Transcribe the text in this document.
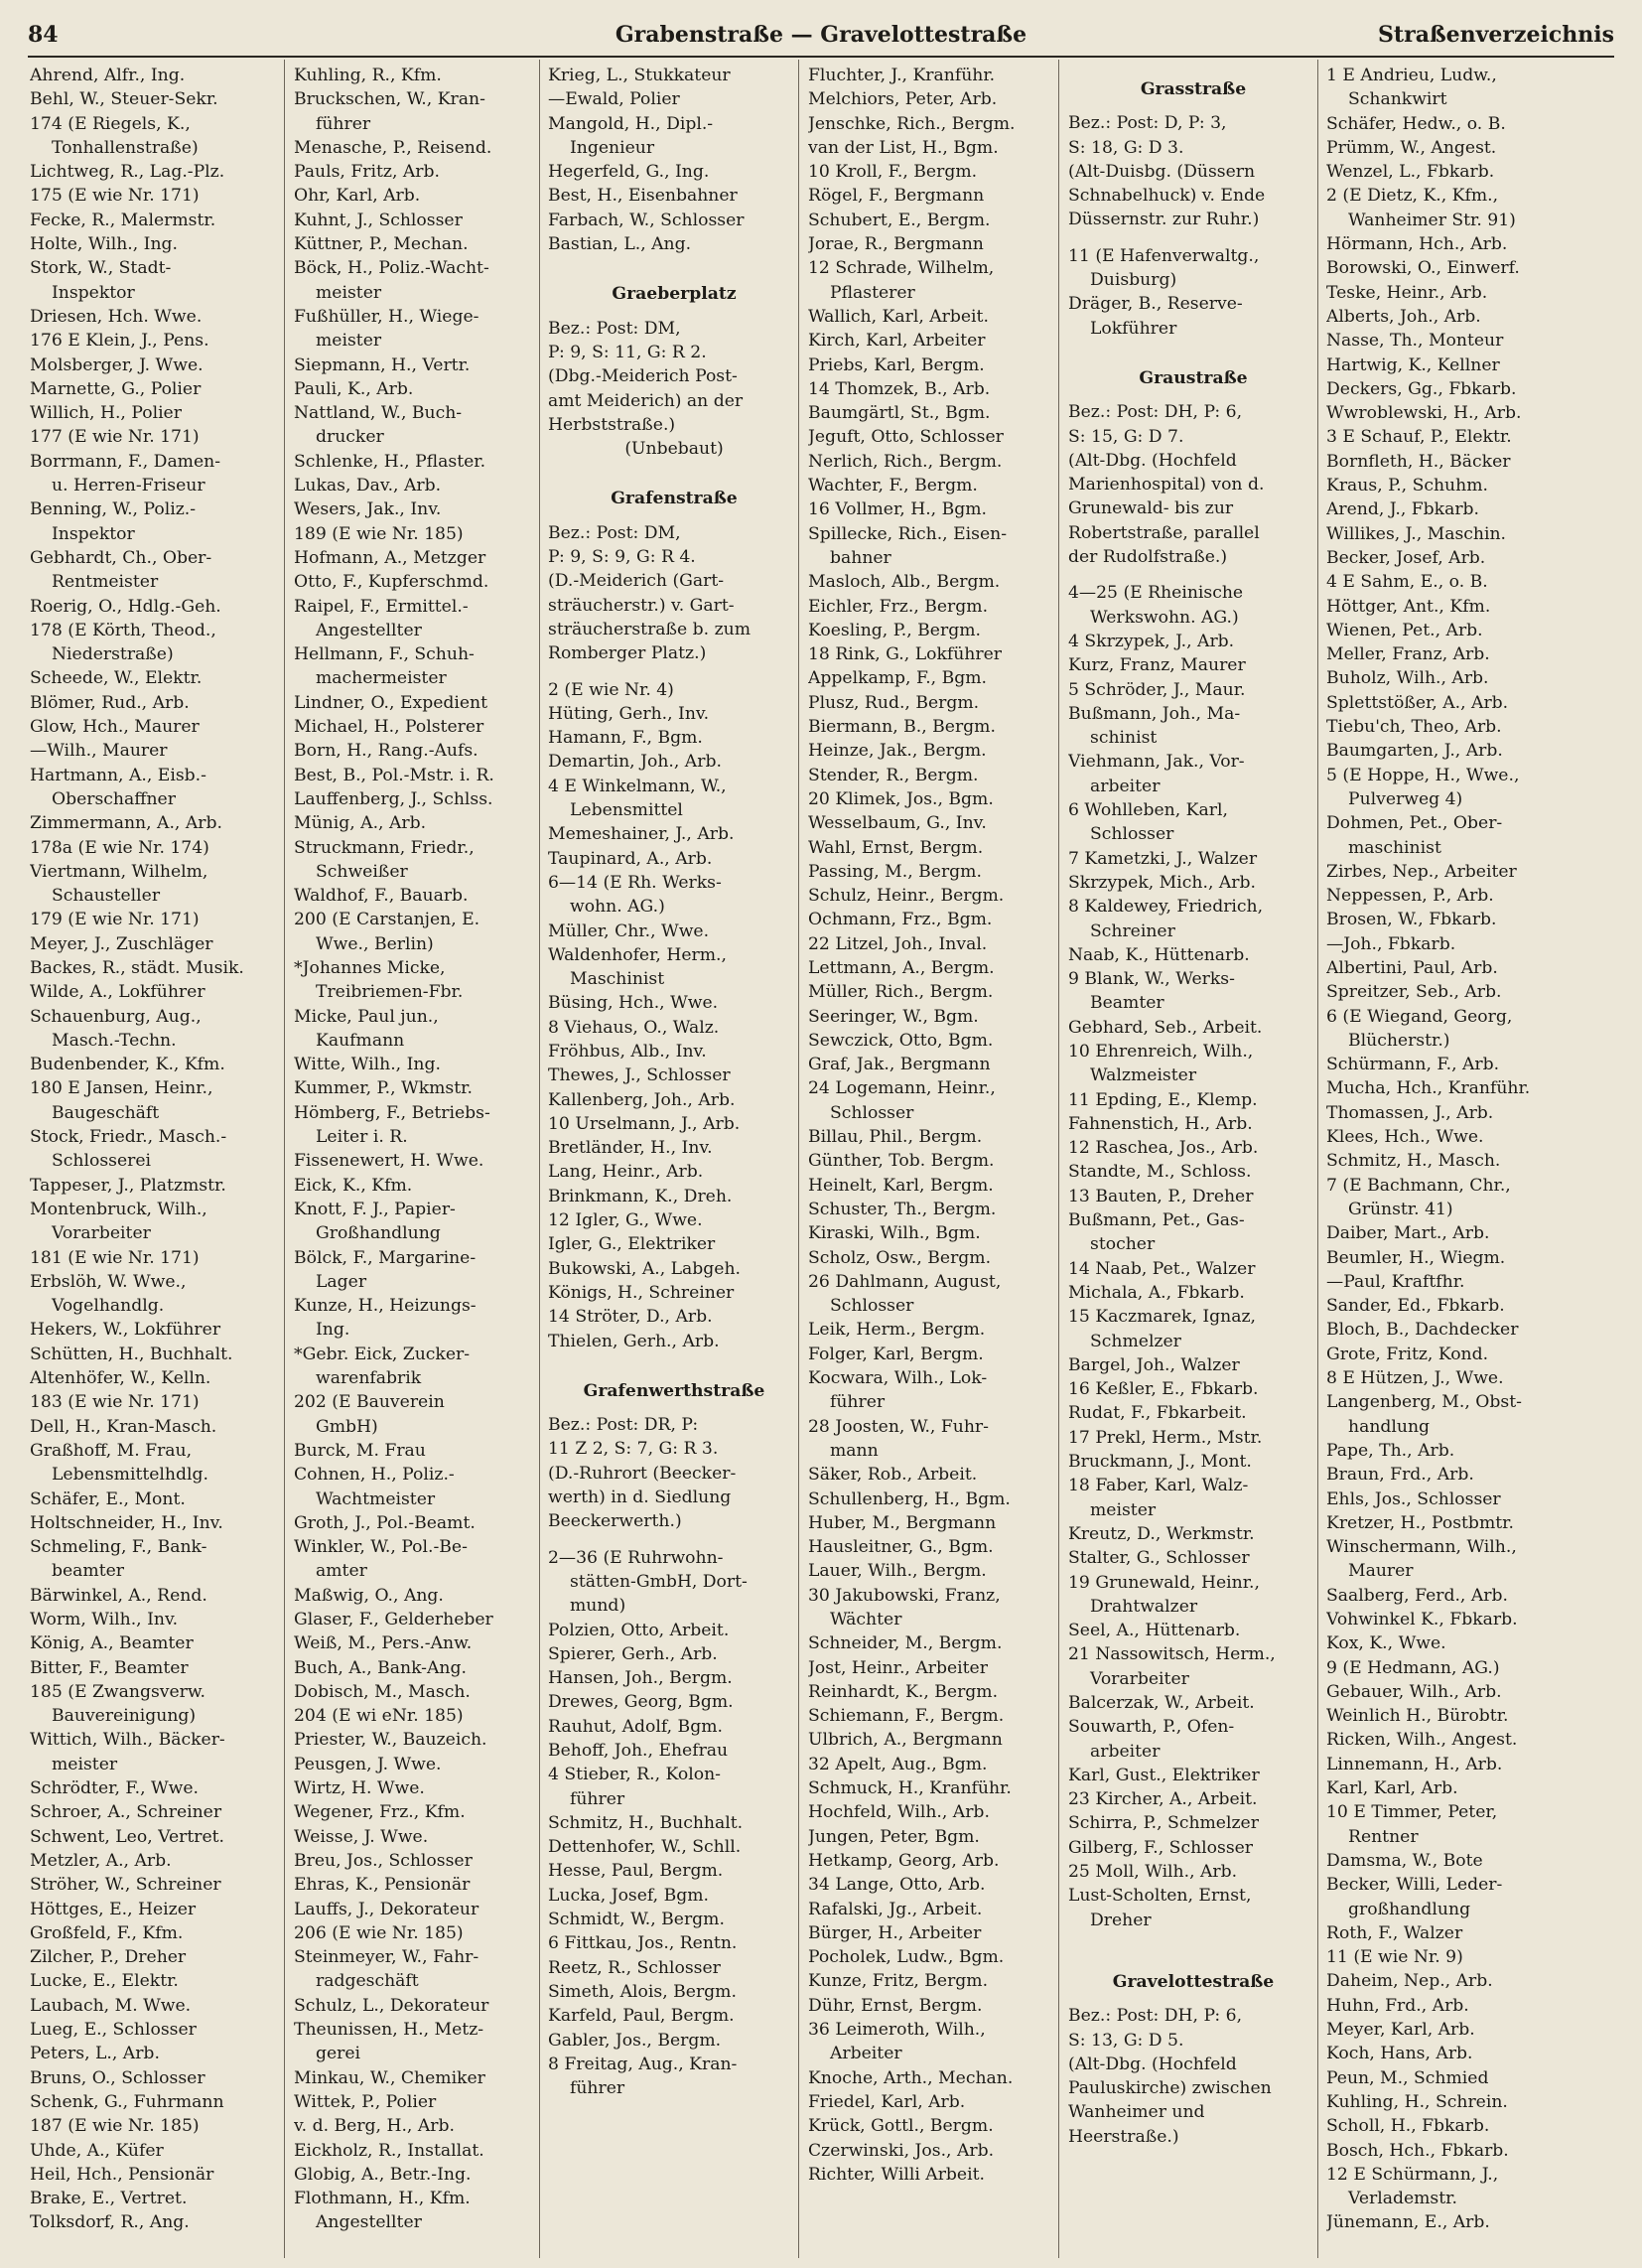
84	Grabenstraße — Gravelottestraße	Straßenverzeichnis
Ahrend, Alfr., Ing.
Behl, W., Steuer-Sekr.
174 (E Riegels, K.,
Tonhallenstraße)
Lichtweg, R., Lag.-Plz.
175 (E wie Nr. 171)
Fecke, R., Malermstr.
Holte, Wilh., Ing.
Stork, W., Stadt-
Inspektor
Driesen, Hch. Wwe.
176 E Klein, J., Pens.
Molsberger, J. Wwe.
Marnette, G., Polier
Willich, H., Polier
177 (E wie Nr. 171)
Borrmann, F., Damen-
u. Herren-Friseur
Benning, W., Poliz.-
Inspektor
Gebhardt, Ch., Ober-
Rentmeister
Roerig, O., Hdlg.-Geh.
178 (E Körth, Theod.,
Niederstraße)
Scheede, W., Elektr.
Blömer, Rud., Arb.
Glow, Hch., Maurer
—Wilh., Maurer
Hartmann, A., Eisb.-
Oberschaffner
Zimmermann, A., Arb.
178a (E wie Nr. 174)
Viertmann, Wilhelm,
Schausteller
179 (E wie Nr. 171)
Meyer, J., Zuschläger
Backes, R., städt. Musik.
Wilde, A., Lokführer
Schauenburg, Aug.,
Masch.-Techn.
Budenbender, K., Kfm.
180 E Jansen, Heinr.,
Baugeschäft
Stock, Friedr., Masch.-
Schlosserei
Tappeser, J., Platzmstr.
Montenbruck, Wilh.,
Vorarbeiter
181 (E wie Nr. 171)
Erbslöh, W. Wwe.,
Vogelhandlg.
Hekers, W., Lokführer
Schütten, H., Buchhalt.
Altenhöfer, W., Kelln.
183 (E wie Nr. 171)
Dell, H., Kran-Masch.
Graßhoff, M. Frau,
Lebensmittelhdlg.
Schäfer, E., Mont.
Holtschneider, H., Inv.
Schmeling, F., Bank-
beamter
Bärwinkel, A., Rend.
Worm, Wilh., Inv.
König, A., Beamter
Bitter, F., Beamter
185 (E Zwangsverw.
Bauvereinigung)
Wittich, Wilh., Bäcker-
meister
Schrödter, F., Wwe.
Schroer, A., Schreiner
Schwent, Leo, Vertret.
Metzler, A., Arb.
Ströher, W., Schreiner
Höttges, E., Heizer
Großfeld, F., Kfm.
Zilcher, P., Dreher
Lucke, E., Elektr.
Laubach, M. Wwe.
Lueg, E., Schlosser
Peters, L., Arb.
Bruns, O., Schlosser
Schenk, G., Fuhrmann
187 (E wie Nr. 185)
Uhde, A., Küfer
Heil, Hch., Pensionär
Brake, E., Vertret.
Tolksdorf, R., Ang.
Kuhling, R., Kfm.
Bruckschen, W., Kran-
führer
Menasche, P., Reisend.
Pauls, Fritz, Arb.
Ohr, Karl, Arb.
Kuhnt, J., Schlosser
Küttner, P., Mechan.
Böck, H., Poliz.-Wacht-
meister
Fußhüller, H., Wiege-
meister
Siepmann, H., Vertr.
Pauli, K., Arb.
Nattland, W., Buch-
drucker
Schlenke, H., Pflaster.
Lukas, Dav., Arb.
Wesers, Jak., Inv.
189 (E wie Nr. 185)
Hofmann, A., Metzger
Otto, F., Kupferschmd.
Raipel, F., Ermittel.-
Angestellter
Hellmann, F., Schuh-
machermeister
Lindner, O., Expedient
Michael, H., Polsterer
Born, H., Rang.-Aufs.
Best, B., Pol.-Mstr. i. R.
Lauffenberg, J., Schlss.
Münig, A., Arb.
Struckmann, Friedr.,
Schweißer
Waldhof, F., Bauarb.
200 (E Carstanjen, E.
Wwe., Berlin)
*Johannes Micke,
Treibriemen-Fbr.
Micke, Paul jun.,
Kaufmann
Witte, Wilh., Ing.
Kummer, P., Wkmstr.
Hömberg, F., Betriebs-
Leiter i. R.
Fissenewert, H. Wwe.
Eick, K., Kfm.
Knott, F. J., Papier-
Großhandlung
Bölck, F., Margarine-
Lager
Kunze, H., Heizungs-
Ing.
*Gebr. Eick, Zucker-
warenfabrik
202 (E Bauverein
GmbH)
Burck, M. Frau
Cohnen, H., Poliz.-
Wachtmeister
Groth, J., Pol.-Beamt.
Winkler, W., Pol.-Be-
amter
Maßwig, O., Ang.
Glaser, F., Gelderheber
Weiß, M., Pers.-Anw.
Buch, A., Bank-Ang.
Dobisch, M., Masch.
204 (E wi eNr. 185)
Priester, W., Bauzeich.
Peusgen, J. Wwe.
Wirtz, H. Wwe.
Wegener, Frz., Kfm.
Weisse, J. Wwe.
Breu, Jos., Schlosser
Ehras, K., Pensionär
Lauffs, J., Dekorateur
206 (E wie Nr. 185)
Steinmeyer, W., Fahr-
radgeschäft
Schulz, L., Dekorateur
Theunissen, H., Metz-
gerei
Minkau, W., Chemiker
Wittek, P., Polier
v. d. Berg, H., Arb.
Eickholz, R., Installat.
Globig, A., Betr.-Ing.
Flothmann, H., Kfm.
Angestellter
Krieg, L., Stukkateur
—Ewald, Polier
Mangold, H., Dipl.-
Ingenieur
Hegerfeld, G., Ing.
Best, H., Eisenbahner
Farbach, W., Schlosser
Bastian, L., Ang.
Graeberplatz
Bez.: Post: DM,
P: 9, S: 11, G: R 2.
(Dbg.-Meiderich Post-
amt Meiderich) an der
Herbststraße.)
(Unbebaut)
Grafenstraße
Bez.: Post: DM,
P: 9, S: 9, G: R 4.
(D.-Meiderich (Gart-
sträucherstr.) v. Gart-
sträucherstraße b. zum
Romberger Platz.)
2 (E wie Nr. 4)
Hüting, Gerh., Inv.
Hamann, F., Bgm.
Demartin, Joh., Arb.
4 E Winkelmann, W.,
Lebensmittel
Memeshainer, J., Arb.
Taupinard, A., Arb.
6—14 (E Rh. Werks-
wohn. AG.)
Müller, Chr., Wwe.
Waldenhofer, Herm.,
Maschinist
Büsing, Hch., Wwe.
8 Viehaus, O., Walz.
Fröhbus, Alb., Inv.
Thewes, J., Schlosser
Kallenberg, Joh., Arb.
10 Urselmann, J., Arb.
Bretländer, H., Inv.
Lang, Heinr., Arb.
Brinkmann, K., Dreh.
12 Igler, G., Wwe.
Igler, G., Elektriker
Bukowski, A., Labgeh.
Königs, H., Schreiner
14 Ströter, D., Arb.
Thielen, Gerh., Arb.
Grafenwerthstraße
Bez.: Post: DR, P:
11 Z 2, S: 7, G: R 3.
(D.-Ruhrort (Beecker-
werth) in d. Siedlung
Beeckerwerth.)
2—36 (E Ruhrwohn-
stätten-GmbH, Dort-
mund)
Polzien, Otto, Arbeit.
Spierer, Gerh., Arb.
Hansen, Joh., Bergm.
Drewes, Georg, Bgm.
Rauhut, Adolf, Bgm.
Behoff, Joh., Ehefrau
4 Stieber, R., Kolon-
führer
Schmitz, H., Buchhalt.
Dettenhofer, W., Schll.
Hesse, Paul, Bergm.
Lucka, Josef, Bgm.
Schmidt, W., Bergm.
6 Fittkau, Jos., Rentn.
Reetz, R., Schlosser
Simeth, Alois, Bergm.
Karfeld, Paul, Bergm.
Gabler, Jos., Bergm.
8 Freitag, Aug., Kran-
führer
Fluchter, J., Kranführ.
Melchiors, Peter, Arb.
Jenschke, Rich., Bergm.
van der List, H., Bgm.
10 Kroll, F., Bergm.
Rögel, F., Bergmann
Schubert, E., Bergm.
Jorae, R., Bergmann
12 Schrade, Wilhelm,
Pflasterer
Wallich, Karl, Arbeit.
Kirch, Karl, Arbeiter
Priebs, Karl, Bergm.
14 Thomzek, B., Arb.
Baumgärtl, St., Bgm.
Jeguft, Otto, Schlosser
Nerlich, Rich., Bergm.
Wachter, F., Bergm.
16 Vollmer, H., Bgm.
Spillecke, Rich., Eisen-
bahner
Masloch, Alb., Bergm.
Eichler, Frz., Bergm.
Koesling, P., Bergm.
18 Rink, G., Lokführer
Appelkamp, F., Bgm.
Plusz, Rud., Bergm.
Biermann, B., Bergm.
Heinze, Jak., Bergm.
Stender, R., Bergm.
20 Klimek, Jos., Bgm.
Wesselbaum, G., Inv.
Wahl, Ernst, Bergm.
Passing, M., Bergm.
Schulz, Heinr., Bergm.
Ochmann, Frz., Bgm.
22 Litzel, Joh., Inval.
Lettmann, A., Bergm.
Müller, Rich., Bergm.
Seeringer, W., Bgm.
Sewczick, Otto, Bgm.
Graf, Jak., Bergmann
24 Logemann, Heinr.,
Schlosser
Billau, Phil., Bergm.
Günther, Tob. Bergm.
Heinelt, Karl, Bergm.
Schuster, Th., Bergm.
Kiraski, Wilh., Bgm.
Scholz, Osw., Bergm.
26 Dahlmann, August,
Schlosser
Leik, Herm., Bergm.
Folger, Karl, Bergm.
Kocwara, Wilh., Lok-
führer
28 Joosten, W., Fuhr-
mann
Säker, Rob., Arbeit.
Schullenberg, H., Bgm.
Huber, M., Bergmann
Hausleitner, G., Bgm.
Lauer, Wilh., Bergm.
30 Jakubowski, Franz,
Wächter
Schneider, M., Bergm.
Jost, Heinr., Arbeiter
Reinhardt, K., Bergm.
Schiemann, F., Bergm.
Ulbrich, A., Bergmann
32 Apelt, Aug., Bgm.
Schmuck, H., Kranführ.
Hochfeld, Wilh., Arb.
Jungen, Peter, Bgm.
Hetkamp, Georg, Arb.
34 Lange, Otto, Arb.
Rafalski, Jg., Arbeit.
Bürger, H., Arbeiter
Pocholek, Ludw., Bgm.
Kunze, Fritz, Bergm.
Dühr, Ernst, Bergm.
36 Leimeroth, Wilh.,
Arbeiter
Knoche, Arth., Mechan.
Friedel, Karl, Arb.
Krück, Gottl., Bergm.
Czerwinski, Jos., Arb.
Richter, Willi Arbeit.
Grasstraße
Bez.: Post: D, P: 3,
S: 18, G: D 3.
(Alt-Duisbg. (Düssern
Schnabelhuck) v. Ende
Düssernstr. zur Ruhr.)
11 (E Hafenverwaltg.,
Duisburg)
Dräger, B., Reserve-
Lokführer
Graustraße
Bez.: Post: DH, P: 6,
S: 15, G: D 7.
(Alt-Dbg. (Hochfeld
Marienhospital) von d.
Grunewald- bis zur
Robertstraße, parallel
der Rudolfstraße.)
4—25 (E Rheinische
Werkswohn. AG.)
4 Skrzypek, J., Arb.
Kurz, Franz, Maurer
5 Schröder, J., Maur.
Bußmann, Joh., Ma-
schinist
Viehmann, Jak., Vor-
arbeiter
6 Wohlleben, Karl,
Schlosser
7 Kametzki, J., Walzer
Skrzypek, Mich., Arb.
8 Kaldewey, Friedrich,
Schreiner
Naab, K., Hüttenarb.
9 Blank, W., Werks-
Beamter
Gebhard, Seb., Arbeit.
10 Ehrenreich, Wilh.,
Walzmeister
11 Epding, E., Klemp.
Fahnenstich, H., Arb.
12 Raschea, Jos., Arb.
Standte, M., Schloss.
13 Bauten, P., Dreher
Bußmann, Pet., Gas-
stocher
14 Naab, Pet., Walzer
Michala, A., Fbkarb.
15 Kaczmarek, Ignaz,
Schmelzer
Bargel, Joh., Walzer
16 Keßler, E., Fbkarb.
Rudat, F., Fbkarbeit.
17 Prekl, Herm., Mstr.
Bruckmann, J., Mont.
18 Faber, Karl, Walz-
meister
Kreutz, D., Werkmstr.
Stalter, G., Schlosser
19 Grunewald, Heinr.,
Drahtwalzer
Seel, A., Hüttenarb.
21 Nassowitsch, Herm.,
Vorarbeiter
Balcerzak, W., Arbeit.
Souwarth, P., Ofen-
arbeiter
Karl, Gust., Elektriker
23 Kircher, A., Arbeit.
Schirra, P., Schmelzer
Gilberg, F., Schlosser
25 Moll, Wilh., Arb.
Lust-Scholten, Ernst,
Dreher
Gravelottestraße
Bez.: Post: DH, P: 6,
S: 13, G: D 5.
(Alt-Dbg. (Hochfeld
Pauluskirche) zwischen
Wanheimer und
Heerstraße.)
1 E Andrieu, Ludw.,
Schankwirt
Schäfer, Hedw., o. B.
Prümm, W., Angest.
Wenzel, L., Fbkarb.
2 (E Dietz, K., Kfm.,
Wanheimer Str. 91)
Hörmann, Hch., Arb.
Borowski, O., Einwerf.
Teske, Heinr., Arb.
Alberts, Joh., Arb.
Nasse, Th., Monteur
Hartwig, K., Kellner
Deckers, Gg., Fbkarb.
Wwroblewski, H., Arb.
3 E Schauf, P., Elektr.
Bornfleth, H., Bäcker
Kraus, P., Schuhm.
Arend, J., Fbkarb.
Willikes, J., Maschin.
Becker, Josef, Arb.
4 E Sahm, E., o. B.
Höttger, Ant., Kfm.
Wienen, Pet., Arb.
Meller, Franz, Arb.
Buholz, Wilh., Arb.
Splettstößer, A., Arb.
Tiebu'ch, Theo, Arb.
Baumgarten, J., Arb.
5 (E Hoppe, H., Wwe.,
Pulverweg 4)
Dohmen, Pet., Ober-
maschinist
Zirbes, Nep., Arbeiter
Neppessen, P., Arb.
Brosen, W., Fbkarb.
—Joh., Fbkarb.
Albertini, Paul, Arb.
Spreitzer, Seb., Arb.
6 (E Wiegand, Georg,
Blücherstr.)
Schürmann, F., Arb.
Mucha, Hch., Kranführ.
Thomassen, J., Arb.
Klees, Hch., Wwe.
Schmitz, H., Masch.
7 (E Bachmann, Chr.,
Grünstr. 41)
Daiber, Mart., Arb.
Beumler, H., Wiegm.
—Paul, Kraftfhr.
Sander, Ed., Fbkarb.
Bloch, B., Dachdecker
Grote, Fritz, Kond.
8 E Hützen, J., Wwe.
Langenberg, M., Obst-
handlung
Pape, Th., Arb.
Braun, Frd., Arb.
Ehls, Jos., Schlosser
Kretzer, H., Postbmtr.
Winschermann, Wilh.,
Maurer
Saalberg, Ferd., Arb.
Vohwinkel K., Fbkarb.
Kox, K., Wwe.
9 (E Hedmann, AG.)
Gebauer, Wilh., Arb.
Weinlich H., Bürobtr.
Ricken, Wilh., Angest.
Linnemann, H., Arb.
Karl, Karl, Arb.
10 E Timmer, Peter,
Rentner
Damsma, W., Bote
Becker, Willi, Leder-
großhandlung
Roth, F., Walzer
11 (E wie Nr. 9)
Daheim, Nep., Arb.
Huhn, Frd., Arb.
Meyer, Karl, Arb.
Koch, Hans, Arb.
Peun, M., Schmied
Kuhling, H., Schrein.
Scholl, H., Fbkarb.
Bosch, Hch., Fbkarb.
12 E Schürmann, J.,
Verlademstr.
Jünemann, E., Arb.
